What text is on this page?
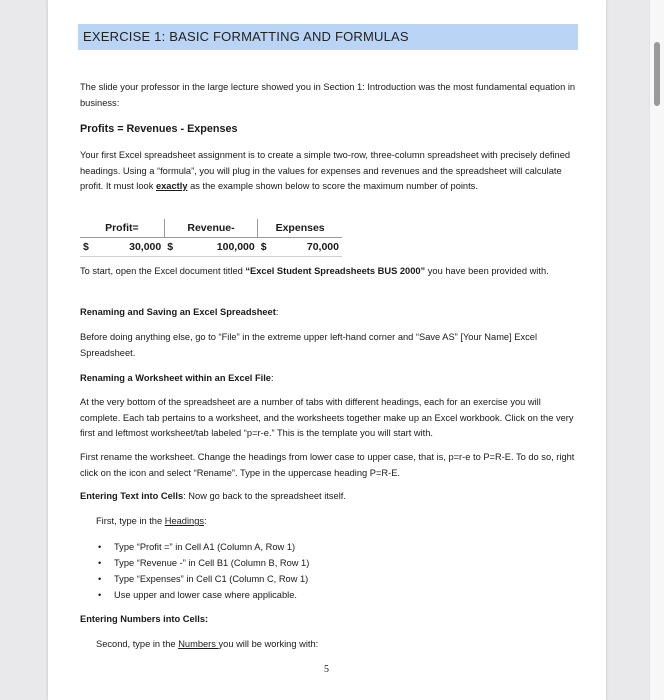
EXERCISE 1: BASIC FORMATTING AND FORMULAS
The slide your professor in the large lecture showed you in Section 1: Introduction was the most fundamental equation in business:
Profits = Revenues - Expenses
Your first Excel spreadsheet assignment is to create a simple two-row, three-column spreadsheet with precisely defined headings. Using a “formula”, you will plug in the values for expenses and revenues and the spreadsheet will calculate profit. It must look exactly as the example shown below to score the maximum number of points.
Profit=		Revenue-		Expenses	
$	30,000	$	100,000	$	70,000
To start, open the Excel document titled “Excel Student Spreadsheets BUS 2000” you have been provided with.
Renaming and Saving an Excel Spreadsheet:
Before doing anything else, go to “File” in the extreme upper left-hand corner and “Save AS” [Your Name] Excel Spreadsheet.
Renaming a Worksheet within an Excel File:
At the very bottom of the spreadsheet are a number of tabs with different headings, each for an exercise you will complete. Each tab pertains to a worksheet, and the worksheets together make up an Excel workbook. Click on the very first and leftmost worksheet/tab labeled “p=r-e.” This is the template you will start with.
First rename the worksheet. Change the headings from lower case to upper case, that is, p=r-e to P=R-E. To do so, right click on the icon and select “Rename”. Type in the uppercase heading P=R-E.
Entering Text into Cells: Now go back to the spreadsheet itself.
First, type in the Headings:
• Type “Profit =” in Cell A1 (Column A, Row 1)
• Type “Revenue -” in Cell B1 (Column B, Row 1)
• Type “Expenses” in Cell C1 (Column C, Row 1)
• Use upper and lower case where applicable.
Entering Numbers into Cells:
Second, type in the Numbers you will be working with:
5
